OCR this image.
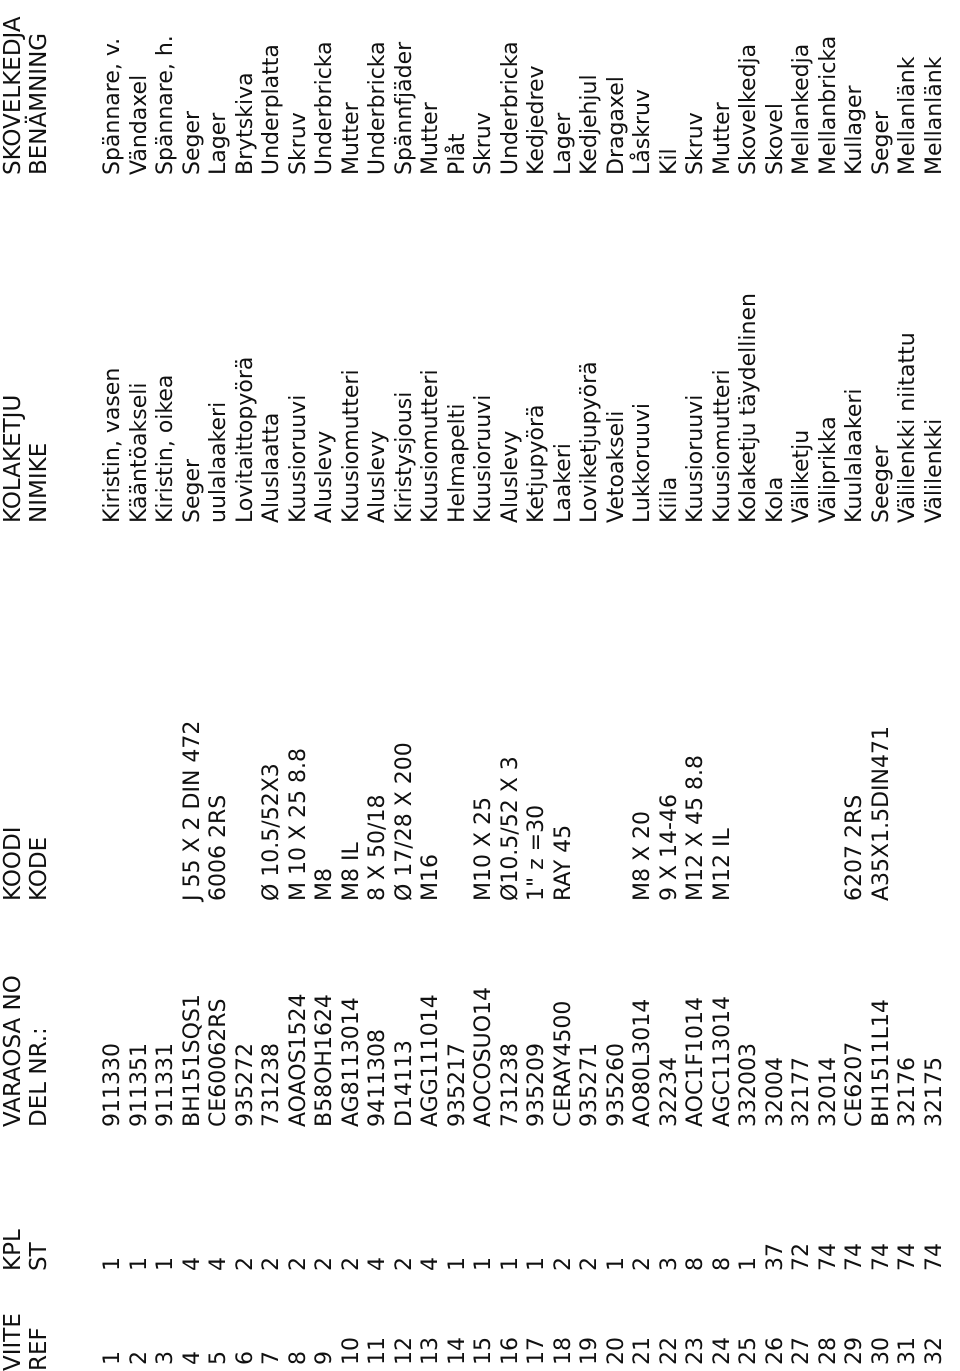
VIITE REF
KPL ST
VARAOSA NO DEL NR.:
KOODI KODE
KOLAKETJU NIMIKE
SKOVELKEDJA BENÄMNING
1
1
911330
Kiristin, vasen
Spännare, v.
2
1
911351
Kääntöakseli
Vändaxel
3
1
911331
Kiristin, oikea
Spännare, h.
4
4
BH151SQS1
J 55 X 2 DIN 472
Seger
Seger
5
4
CE60062RS
6006 2RS
uulalaakeri
Lager
6
2
935272
Lovitaittopyörä
Brytskiva
7
2
731238
Ø 10.5/52X3
Aluslaatta
Underplatta
8
2
AOAOS1524
M 10 X 25 8.8
Kuusioruuvi
Skruv
9
2
B58OH1624
M8
Aluslevy
Underbricka
10
2
AG8113014
M8 IL
Kuusiomutteri
Mutter
11
4
9411308
8 X 50/18
Aluslevy
Underbricka
12
2
D14113
Ø 17/28 X 200
Kiristysjousi
Spännfjäder
13
4
AGG111014
M16
Kuusiomutteri
Mutter
14
1
935217
Helmapelti
Plåt
15
1
AOCOSUO14
M10 X 25
Kuusioruuvi
Skruv
16
1
731238
Ø10.5/52 X 3
Aluslevy
Underbricka
17
1
935209
1" z =30
Ketjupyörä
Kedjedrev
18
2
CERAY4500
RAY 45
Laakeri
Lager
19
2
935271
Loviketjupyörä
Kedjehjul
20
1
935260
Vetoakseli
Dragaxel
21
2
AO80L3014
M8 X 20
Lukkoruuvi
Låskruv
22
3
32234
9 X 14-46
Kiila
Kil
23
8
AOC1F1014
M12 X 45 8.8
Kuusioruuvi
Skruv
24
8
AGC113014
M12 IL
Kuusiomutteri
Mutter
25
1
332003
Kolaketju täydellinen
Skovelkedja
26
37
32004
Kola
Skovel
27
72
32177
Väliketju
Mellankedja
28
74
32014
Väliprikka
Mellanbricka
29
74
CE6207
6207 2RS
Kuulalaakeri
Kullager
30
74
BH1511L14
A35X1.5DIN471
Seeger
Seger
31
74
32176
Välilenkki niitattu
Mellanlänk
32
74
32175
Välilenkki
Mellanlänk
